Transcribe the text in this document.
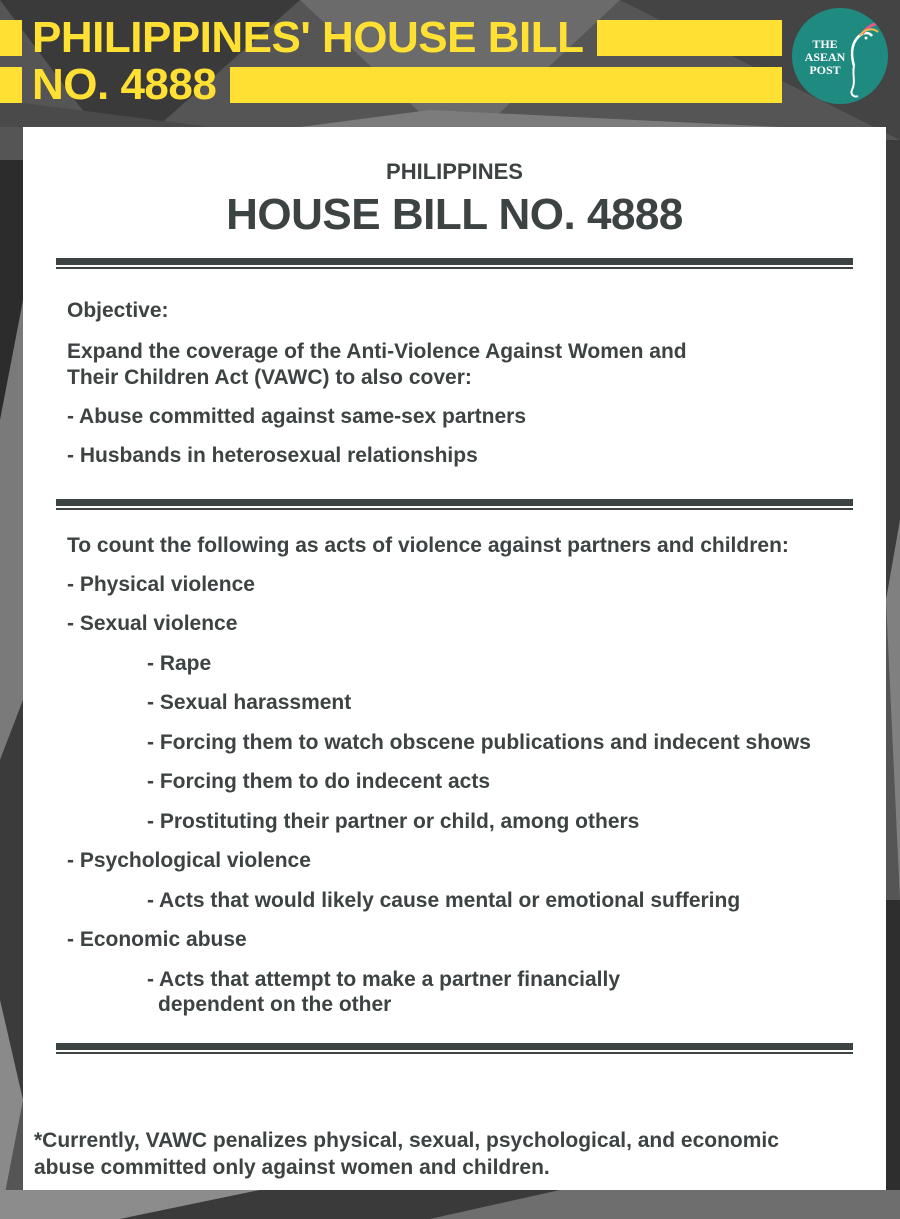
PHILIPPINES' HOUSE BILL
NO. 4888
THE
ASEAN
POST
PHILIPPINES
HOUSE BILL NO. 4888
Objective:
Expand the coverage of the Anti-Violence Against Women and
Their Children Act (VAWC) to also cover:
- Abuse committed against same-sex partners
- Husbands in heterosexual relationships
To count the following as acts of violence against partners and children:
- Physical violence
- Sexual violence
- Rape
- Sexual harassment
- Forcing them to watch obscene publications and indecent shows
- Forcing them to do indecent acts
- Prostituting their partner or child, among others
- Psychological violence
- Acts that would likely cause mental or emotional suffering
- Economic abuse
- Acts that attempt to make a partner financially
dependent on the other
*Currently, VAWC penalizes physical, sexual, psychological, and economic
abuse committed only against women and children.
